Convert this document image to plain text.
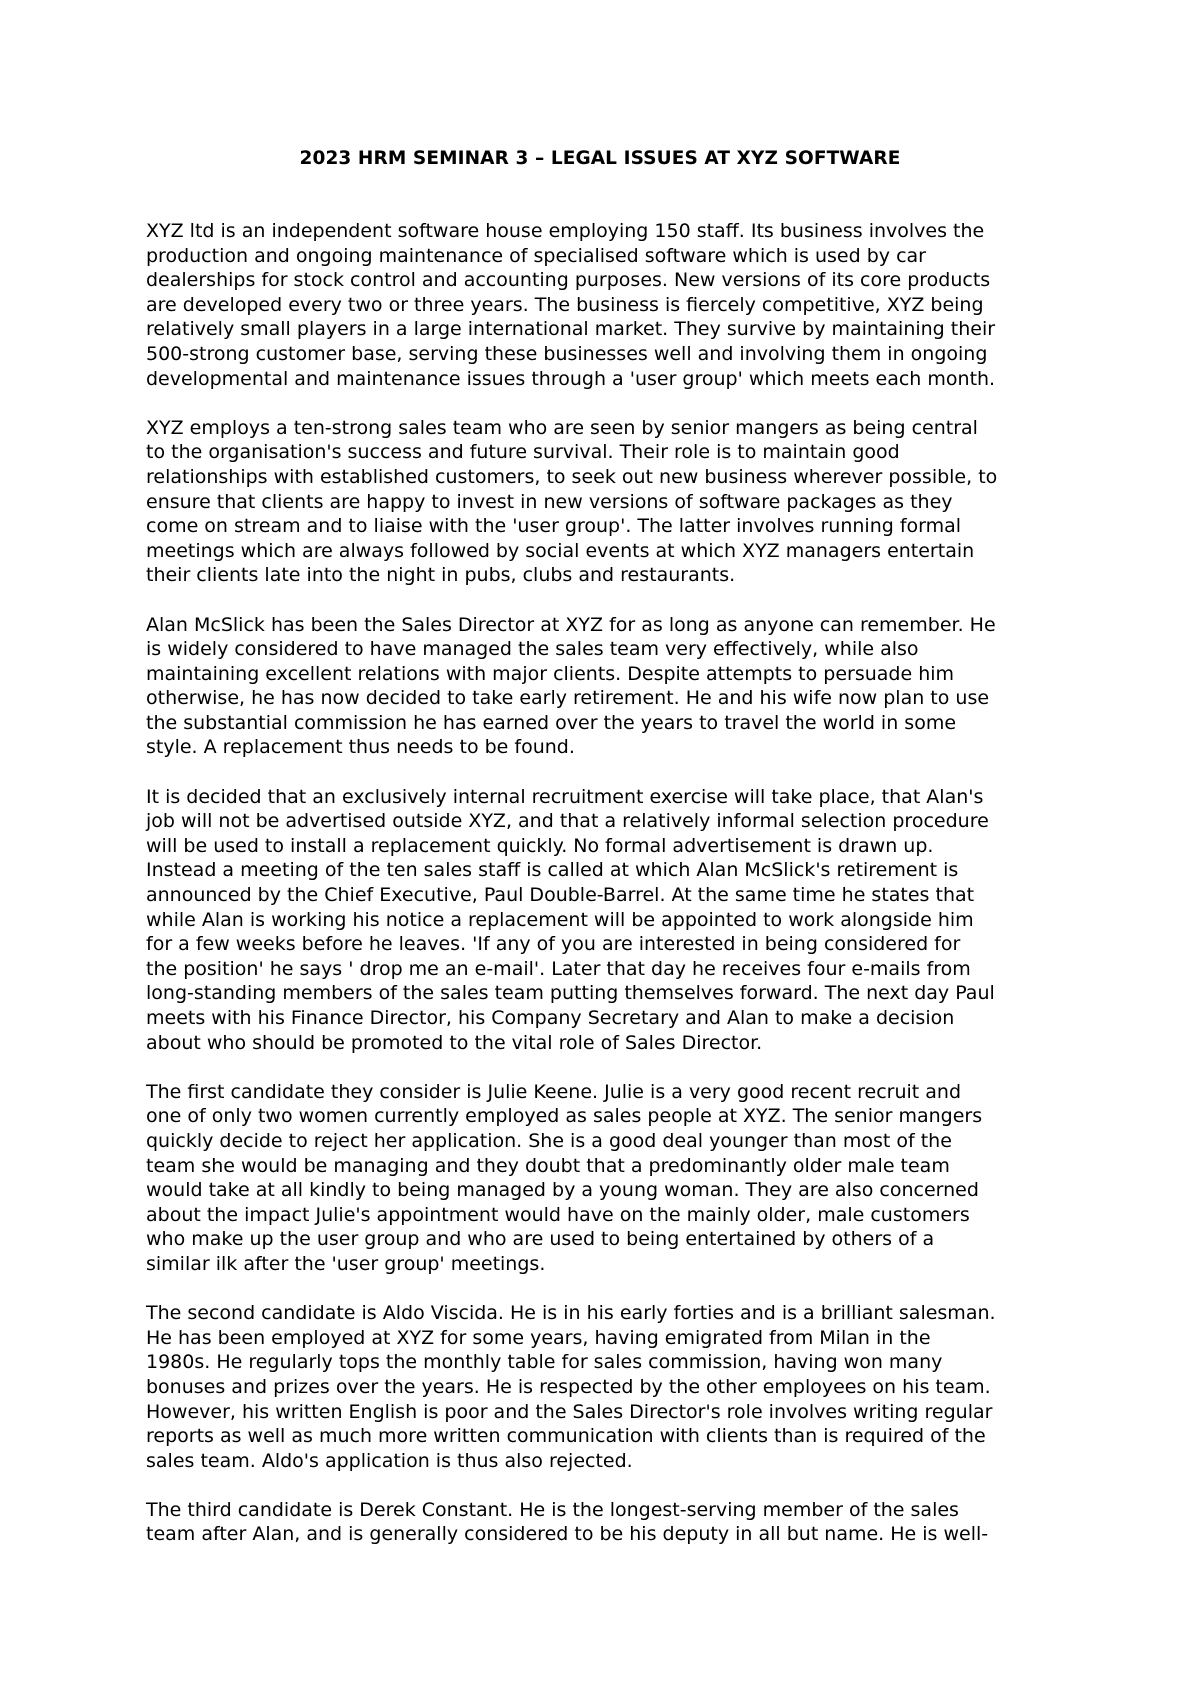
2023 HRM SEMINAR 3 – LEGAL ISSUES AT XYZ SOFTWARE
XYZ ltd is an independent software house employing 150 staff. Its business involves the
production and ongoing maintenance of specialised software which is used by car
dealerships for stock control and accounting purposes. New versions of its core products
are developed every two or three years. The business is fiercely competitive, XYZ being
relatively small players in a large international market. They survive by maintaining their
500-strong customer base, serving these businesses well and involving them in ongoing
developmental and maintenance issues through a 'user group' which meets each month.
XYZ employs a ten-strong sales team who are seen by senior mangers as being central
to the organisation's success and future survival. Their role is to maintain good
relationships with established customers, to seek out new business wherever possible, to
ensure that clients are happy to invest in new versions of software packages as they
come on stream and to liaise with the 'user group'. The latter involves running formal
meetings which are always followed by social events at which XYZ managers entertain
their clients late into the night in pubs, clubs and restaurants.
Alan McSlick has been the Sales Director at XYZ for as long as anyone can remember. He
is widely considered to have managed the sales team very effectively, while also
maintaining excellent relations with major clients. Despite attempts to persuade him
otherwise, he has now decided to take early retirement. He and his wife now plan to use
the substantial commission he has earned over the years to travel the world in some
style. A replacement thus needs to be found.
It is decided that an exclusively internal recruitment exercise will take place, that Alan's
job will not be advertised outside XYZ, and that a relatively informal selection procedure
will be used to install a replacement quickly. No formal advertisement is drawn up.
Instead a meeting of the ten sales staff is called at which Alan McSlick's retirement is
announced by the Chief Executive, Paul Double-Barrel. At the same time he states that
while Alan is working his notice a replacement will be appointed to work alongside him
for a few weeks before he leaves. 'If any of you are interested in being considered for
the position' he says ' drop me an e-mail'. Later that day he receives four e-mails from
long-standing members of the sales team putting themselves forward. The next day Paul
meets with his Finance Director, his Company Secretary and Alan to make a decision
about who should be promoted to the vital role of Sales Director.
The first candidate they consider is Julie Keene. Julie is a very good recent recruit and
one of only two women currently employed as sales people at XYZ. The senior mangers
quickly decide to reject her application. She is a good deal younger than most of the
team she would be managing and they doubt that a predominantly older male team
would take at all kindly to being managed by a young woman. They are also concerned
about the impact Julie's appointment would have on the mainly older, male customers
who make up the user group and who are used to being entertained by others of a
similar ilk after the 'user group' meetings.
The second candidate is Aldo Viscida. He is in his early forties and is a brilliant salesman.
He has been employed at XYZ for some years, having emigrated from Milan in the
1980s. He regularly tops the monthly table for sales commission, having won many
bonuses and prizes over the years. He is respected by the other employees on his team.
However, his written English is poor and the Sales Director's role involves writing regular
reports as well as much more written communication with clients than is required of the
sales team. Aldo's application is thus also rejected.
The third candidate is Derek Constant. He is the longest-serving member of the sales
team after Alan, and is generally considered to be his deputy in all but name. He is well-
